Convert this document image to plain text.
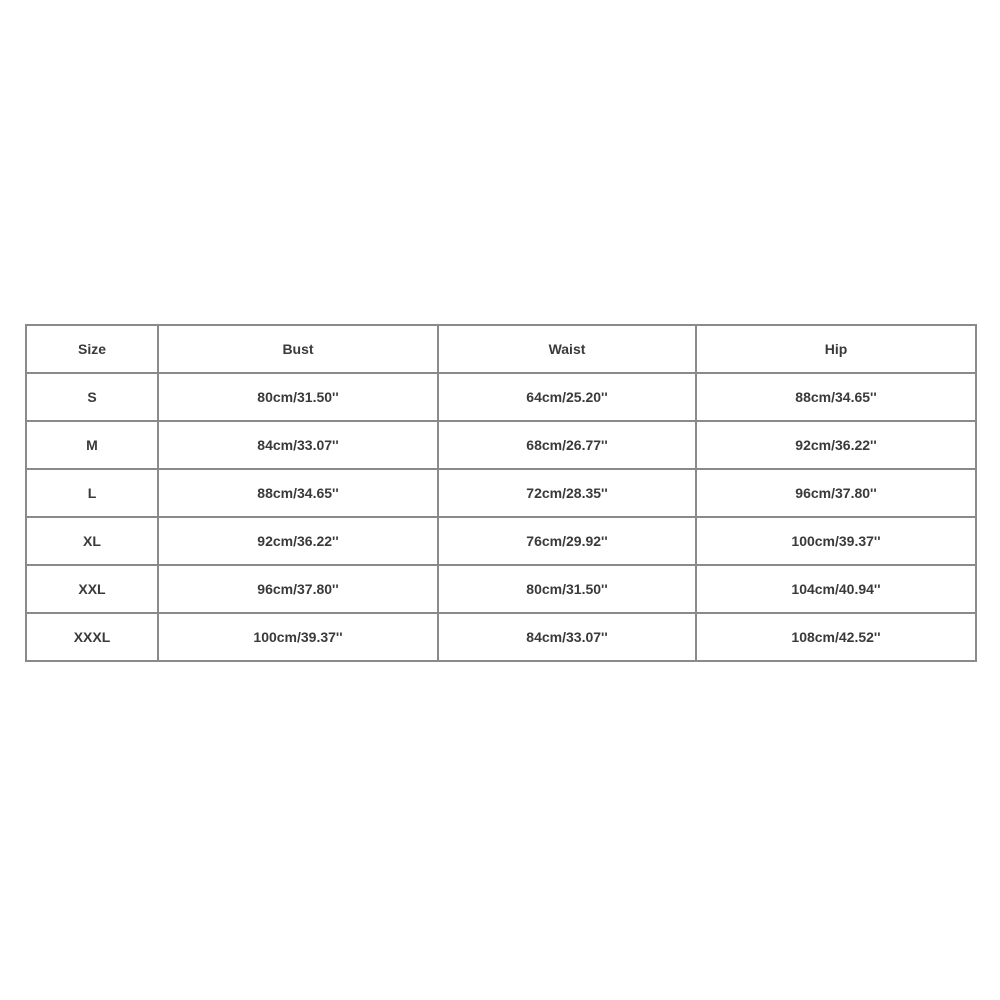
Size	Bust	Waist	Hip
S	80cm/31.50''	64cm/25.20''	88cm/34.65''
M	84cm/33.07''	68cm/26.77''	92cm/36.22''
L	88cm/34.65''	72cm/28.35''	96cm/37.80''
XL	92cm/36.22''	76cm/29.92''	100cm/39.37''
XXL	96cm/37.80''	80cm/31.50''	104cm/40.94''
XXXL	100cm/39.37''	84cm/33.07''	108cm/42.52''
